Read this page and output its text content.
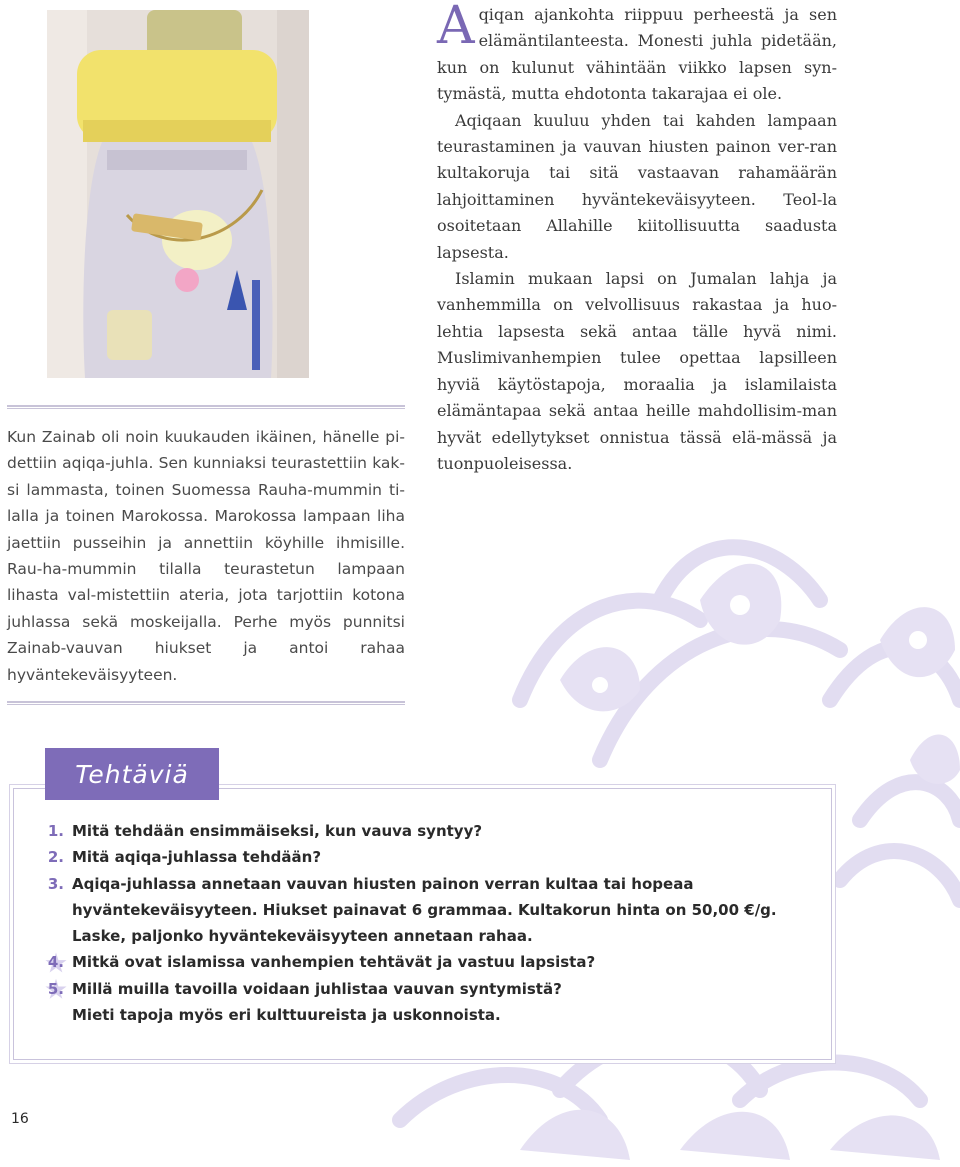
Kun Zainab oli noin kuukauden ikäinen, hänelle pi-dettiin aqiqa-juhla. Sen kunniaksi teurastettiin kak-si lammasta, toinen Suomessa Rauha-mummin ti-lalla ja toinen Marokossa. Marokossa lampaan liha jaettiin pusseihin ja annettiin köyhille ihmisille. Rau-ha-mummin tilalla teurastetun lampaan lihasta val-mistettiin ateria, jota tarjottiin kotona juhlassa sekä moskeijalla. Perhe myös punnitsi Zainab-vauvan hiukset ja antoi rahaa hyväntekeväisyyteen.

Aqiqan ajankohta riippuu perheestä ja sen elämäntilanteesta. Monesti juhla pidetään, kun on kulunut vähintään viikko lapsen syn-tymästä, mutta ehdotonta takarajaa ei ole.

Aqiqaan kuuluu yhden tai kahden lampaan teurastaminen ja vauvan hiusten painon ver-ran kultakoruja tai sitä vastaavan rahamäärän lahjoittaminen hyväntekeväisyyteen. Teol-la osoitetaan Allahille kiitollisuutta saadusta lapsesta.

Islamin mukaan lapsi on Jumalan lahja ja vanhemmilla on velvollisuus rakastaa ja huo-lehtia lapsesta sekä antaa tälle hyvä nimi. Muslimivanhempien tulee opettaa lapsilleen hyviä käytöstapoja, moraalia ja islamilaista elämäntapaa sekä antaa heille mahdollisim-man hyvät edellytykset onnistua tässä elä-mässä ja tuonpuoleisessa.

Tehtäviä
1. Mitä tehdään ensimmäiseksi, kun vauva syntyy?
2. Mitä aqiqa-juhlassa tehdään?
3. Aqiqa-juhlassa annetaan vauvan hiusten painon verran kultaa tai hopeaa
hyväntekeväisyyteen. Hiukset painavat 6 grammaa. Kultakorun hinta on 50,00 €/g.
Laske, paljonko hyväntekeväisyyteen annetaan rahaa.
4. Mitkä ovat islamissa vanhempien tehtävät ja vastuu lapsista?
5. Millä muilla tavoilla voidaan juhlistaa vauvan syntymistä?
Mieti tapoja myös eri kulttuureista ja uskonnoista.
16
